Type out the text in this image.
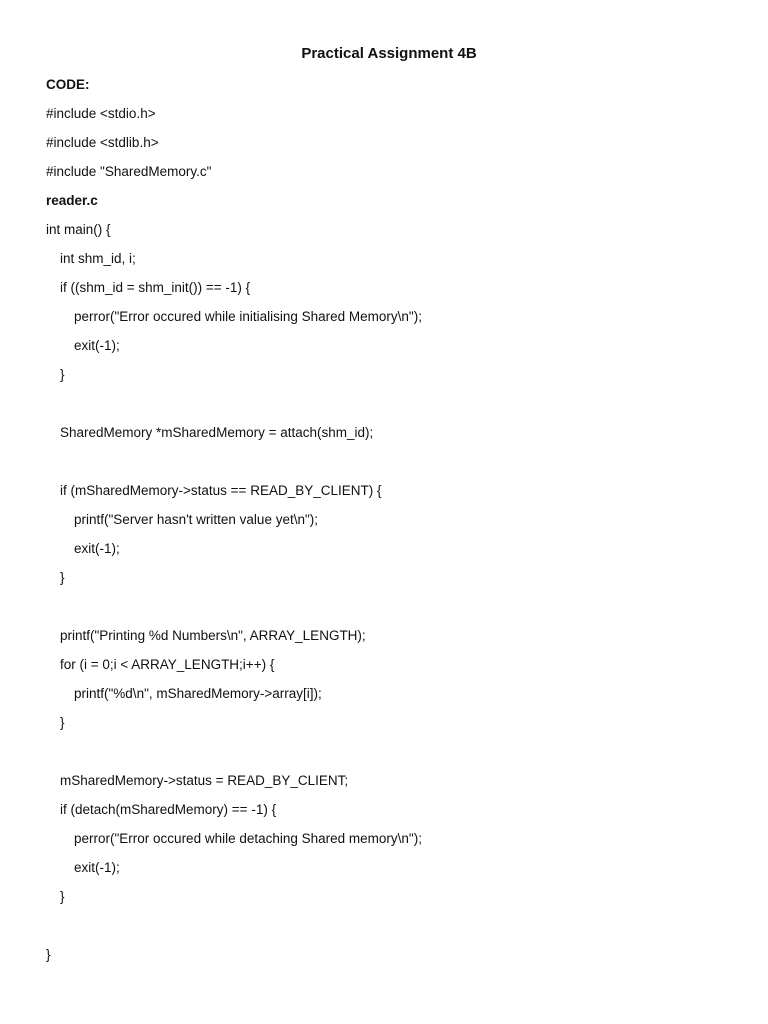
Practical Assignment 4B
CODE:
#include <stdio.h>
#include <stdlib.h>
#include "SharedMemory.c"
reader.c
int main() {
int shm_id, i;
if ((shm_id = shm_init()) == -1) {
perror("Error occured while initialising Shared Memory\n");
exit(-1);
}
SharedMemory *mSharedMemory = attach(shm_id);
if (mSharedMemory->status == READ_BY_CLIENT) {
printf("Server hasn't written value yet\n");
exit(-1);
}
printf("Printing %d Numbers\n", ARRAY_LENGTH);
for (i = 0;i < ARRAY_LENGTH;i++) {
printf("%d\n", mSharedMemory->array[i]);
}
mSharedMemory->status = READ_BY_CLIENT;
if (detach(mSharedMemory) == -1) {
perror("Error occured while detaching Shared memory\n");
exit(-1);
}
}
